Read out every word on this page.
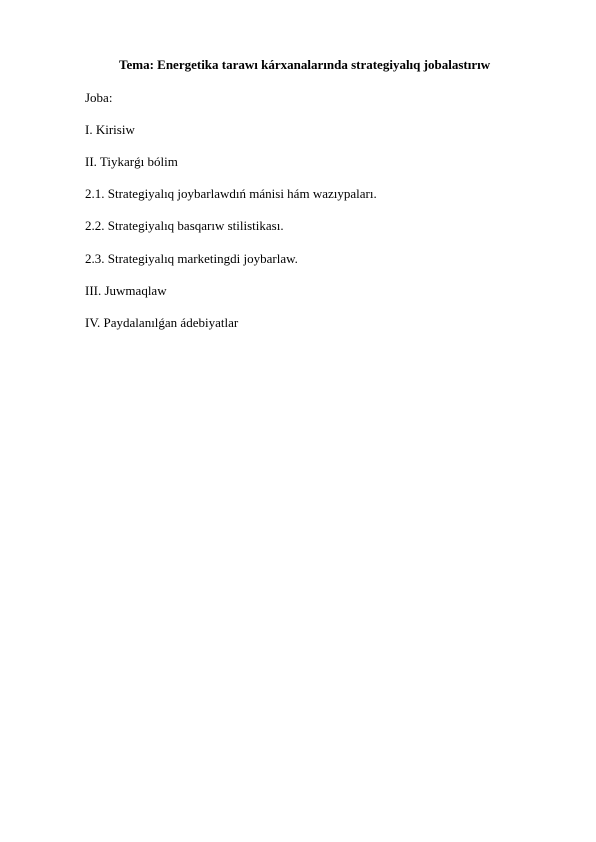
Tema: Energetika tarawı kárxanalarında strategiyalıq jobalastırıw
Joba:
I. Kirisiw
II. Tiykarǵı bólim
2.1. Strategiyalıq joybarlawdıń mánisi hám wazıypaları.
2.2. Strategiyalıq basqarıw stilistikası.
2.3. Strategiyalıq marketingdi joybarlaw.
III. Juwmaqlaw
IV. Paydalanılǵan ádebiyatlar
